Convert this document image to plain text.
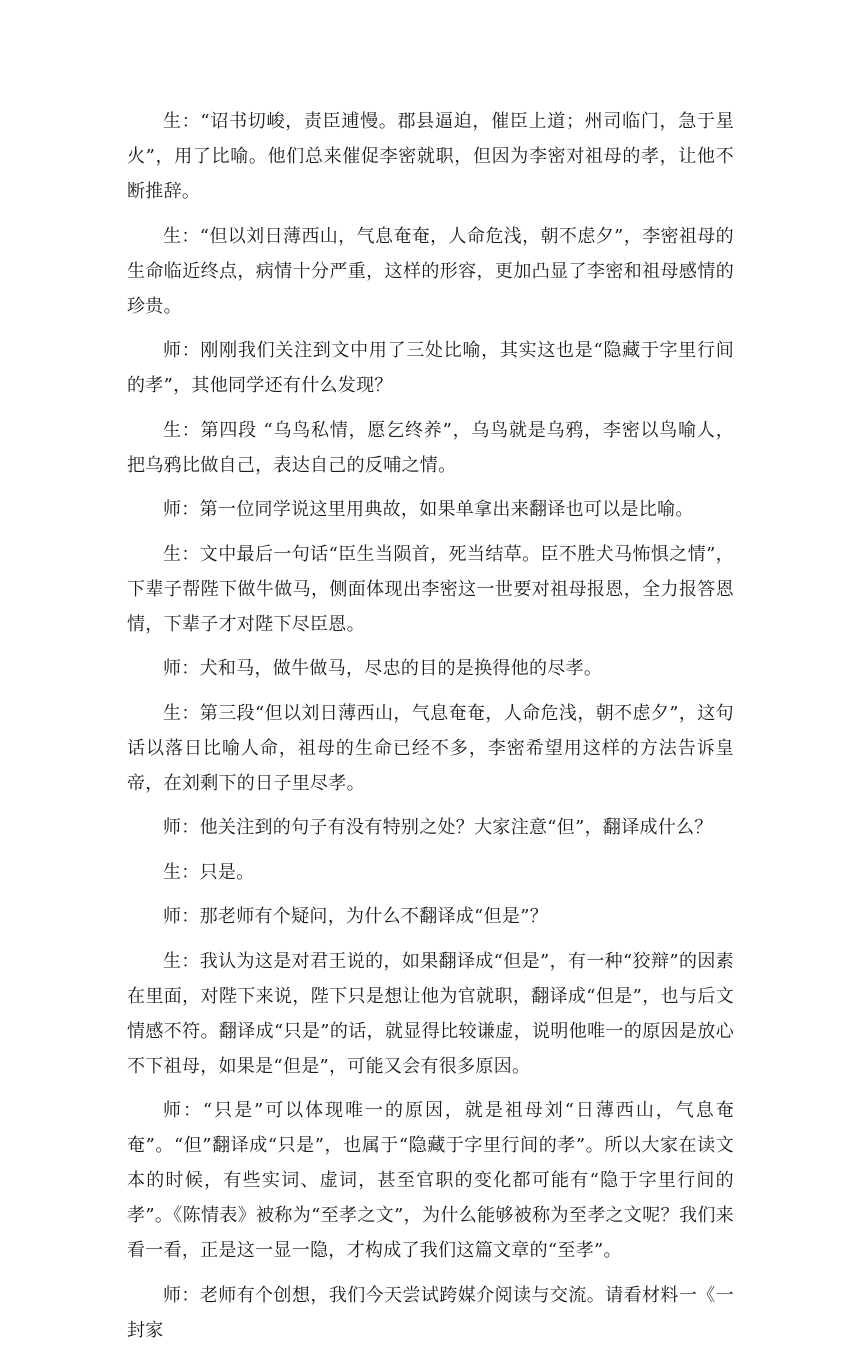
生：“诏书切峻，责臣逋慢。郡县逼迫，催臣上道；州司临门，急于星火”，用了比喻。他们总来催促李密就职，但因为李密对祖母的孝，让他不断推辞。

生：“但以刘日薄西山，气息奄奄，人命危浅，朝不虑夕”，李密祖母的生命临近终点，病情十分严重，这样的形容，更加凸显了李密和祖母感情的珍贵。

师：刚刚我们关注到文中用了三处比喻，其实这也是“隐藏于字里行间的孝”，其他同学还有什么发现？

生：第四段 “乌鸟私情，愿乞终养”，乌鸟就是乌鸦，李密以鸟喻人，把乌鸦比做自己，表达自己的反哺之情。

师：第一位同学说这里用典故，如果单拿出来翻译也可以是比喻。

生：文中最后一句话“臣生当陨首，死当结草。臣不胜犬马怖惧之情”，下辈子帮陛下做牛做马，侧面体现出李密这一世要对祖母报恩，全力报答恩情，下辈子才对陛下尽臣恩。

师：犬和马，做牛做马，尽忠的目的是换得他的尽孝。

生：第三段“但以刘日薄西山，气息奄奄，人命危浅，朝不虑夕”，这句话以落日比喻人命，祖母的生命已经不多，李密希望用这样的方法告诉皇帝，在刘剩下的日子里尽孝。

师：他关注到的句子有没有特别之处？大家注意“但”，翻译成什么？

生：只是。

师：那老师有个疑问，为什么不翻译成“但是”？

生：我认为这是对君王说的，如果翻译成“但是”，有一种“狡辩”的因素在里面，对陛下来说，陛下只是想让他为官就职，翻译成“但是”，也与后文情感不符。翻译成“只是”的话，就显得比较谦虚，说明他唯一的原因是放心不下祖母，如果是“但是”，可能又会有很多原因。

师：“只是”可以体现唯一的原因，就是祖母刘“日薄西山，气息奄奄”。“但”翻译成“只是”，也属于“隐藏于字里行间的孝”。所以大家在读文本的时候，有些实词、虚词，甚至官职的变化都可能有“隐于字里行间的孝”。《陈情表》被称为“至孝之文”，为什么能够被称为至孝之文呢？我们来看一看，正是这一显一隐，才构成了我们这篇文章的“至孝”。

师：老师有个创想，我们今天尝试跨媒介阅读与交流。请看材料一《一封家
